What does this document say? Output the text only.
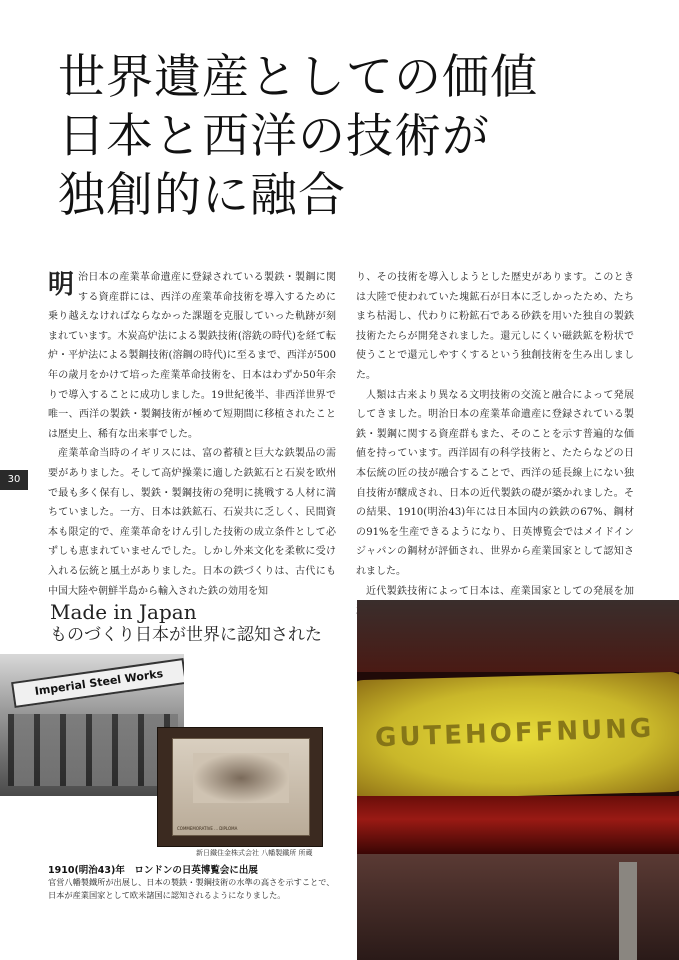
世界遺産としての価値
日本と西洋の技術が
独創的に融合
30

明治日本の産業革命遺産に登録されている製鉄・製鋼に関する資産群には、西洋の産業革命技術を導入するために乗り越えなければならなかった課題を克服していった軌跡が刻まれています。木炭高炉法による製鉄技術(溶銑の時代)を経て転炉・平炉法による製鋼技術(溶鋼の時代)に至るまで、西洋が500年の歳月をかけて培った産業革命技術を、日本はわずか50年余りで導入することに成功しました。19世紀後半、非西洋世界で唯一、西洋の製鉄・製鋼技術が極めて短期間に移植されたことは歴史上、稀有な出来事でした。

産業革命当時のイギリスには、富の蓄積と巨大な鉄製品の需要がありました。そして高炉操業に適した鉄鉱石と石炭を欧州で最も多く保有し、製鉄・製鋼技術の発明に挑戦する人材に満ちていました。一方、日本は鉄鉱石、石炭共に乏しく、民間資本も限定的で、産業革命をけん引した技術の成立条件として必ずしも恵まれていませんでした。しかし外来文化を柔軟に受け入れる伝統と風土がありました。日本の鉄づくりは、古代にも中国大陸や朝鮮半島から輸入された鉄の効用を知

り、その技術を導入しようとした歴史があります。このときは大陸で使われていた塊鉱石が日本に乏しかったため、たちまち枯渇し、代わりに粉鉱石である砂鉄を用いた独自の製鉄技術たたらが開発されました。還元しにくい磁鉄鉱を粉状で使うことで還元しやすくするという独創技術を生み出しました。

人類は古来より異なる文明技術の交流と融合によって発展してきました。明治日本の産業革命遺産に登録されている製鉄・製鋼に関する資産群もまた、そのことを示す普遍的な価値を持っています。西洋固有の科学技術と、たたらなどの日本伝統の匠の技が融合することで、西洋の延長線上にない独自技術が醸成され、日本の近代製鉄の礎が築かれました。その結果、1910(明治43)年には日本国内の鉄鉄の67%、鋼材の91%を生産できるようになり、日英博覧会ではメイドインジャパンの鋼材が評価され、世界から産業国家として認知されました。

近代製鉄技術によって日本は、産業国家としての発展を加

Made in Japan
ものづくり日本が世界に認知された
Imperial Steel Works
COMMEMORATIVE ... DIPLOMA
新日鐵住金株式会社 八幡製鐵所 所蔵
1910(明治43)年　ロンドンの日英博覧会に出展
官営八幡製鐵所が出展し、日本の製鉄・製鋼技術の水準の高さを示すことで、日本が産業国家として欧米諸国に認知されるようになりました。
GUTEHOFFNUNG
